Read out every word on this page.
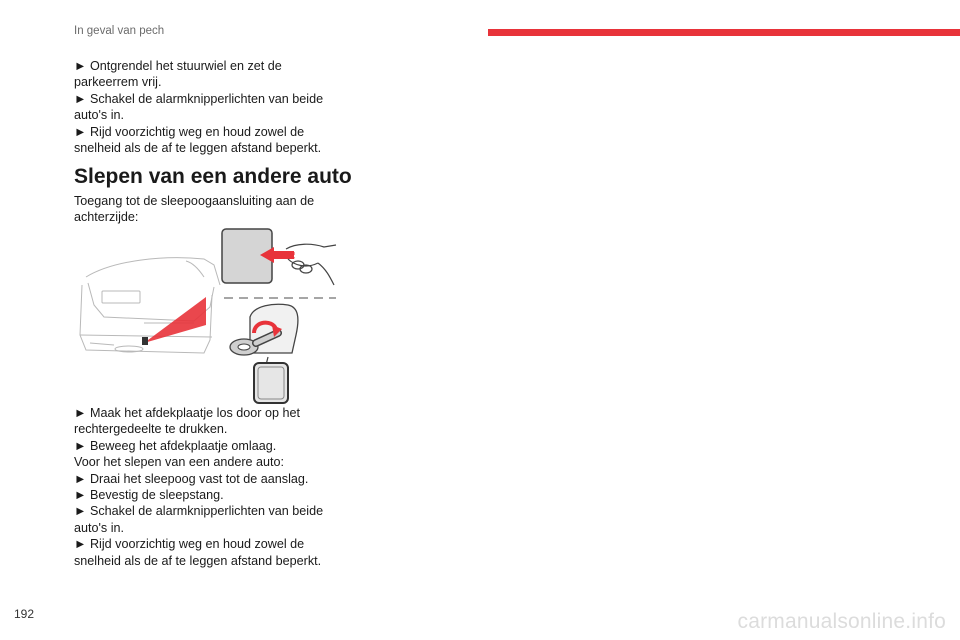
In geval van pech

► Ontgrendel het stuurwiel en zet de

parkeerrem vrij.

► Schakel de alarmknipperlichten van beide

auto's in.

► Rijd voorzichtig weg en houd zowel de

snelheid als de af te leggen afstand beperkt.

Slepen van een andere auto

Toegang tot de sleepoogaansluiting aan de

achterzijde:

► Maak het afdekplaatje los door op het

rechtergedeelte te drukken.

► Beweeg het afdekplaatje omlaag.

Voor het slepen van een andere auto:

► Draai het sleepoog vast tot de aanslag.

► Bevestig de sleepstang.

► Schakel de alarmknipperlichten van beide

auto's in.

► Rijd voorzichtig weg en houd zowel de

snelheid als de af te leggen afstand beperkt.

192	carmanualsonline.info
